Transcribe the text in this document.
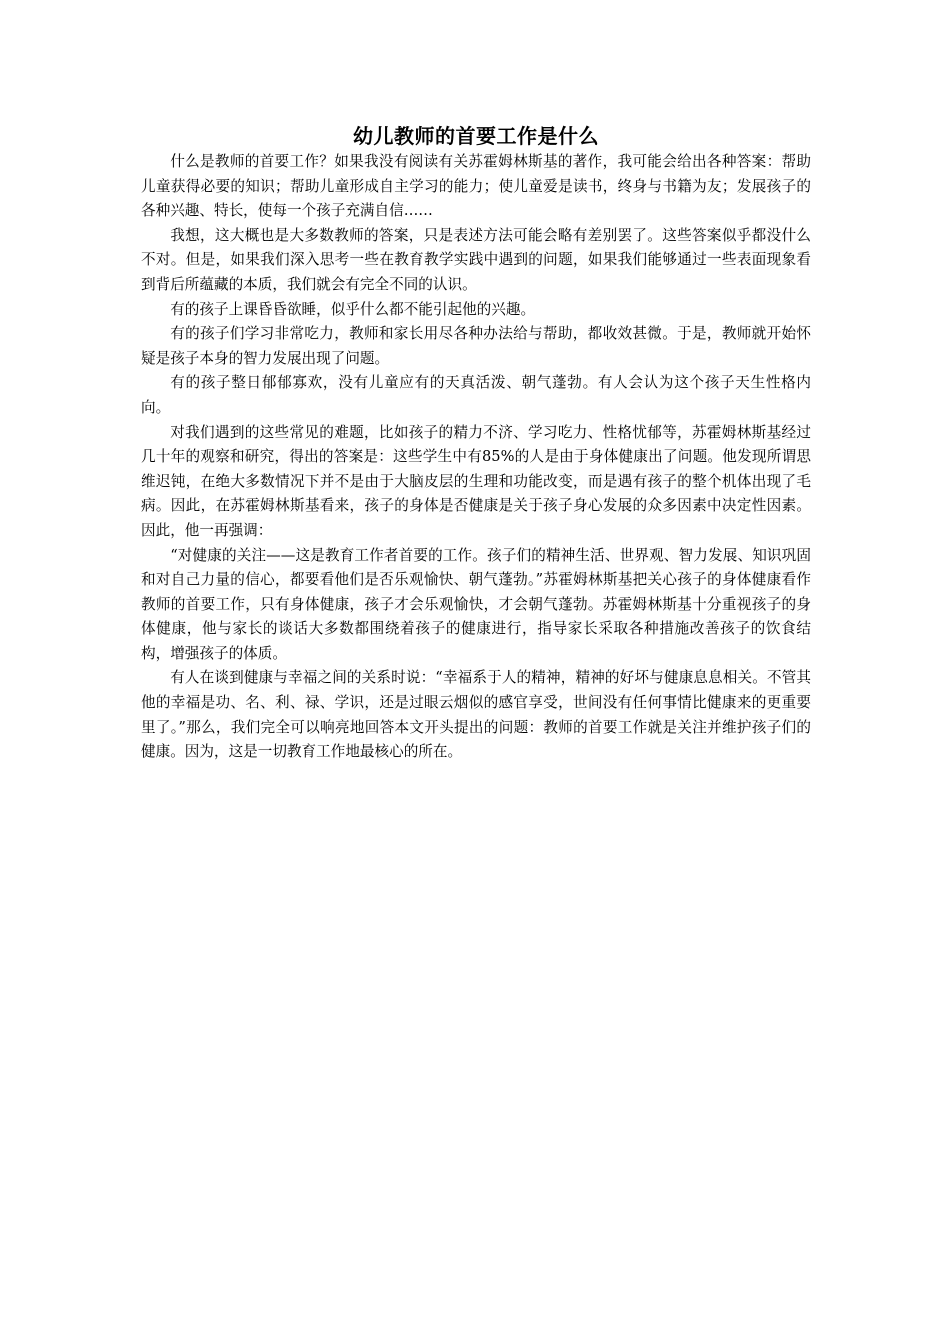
幼儿教师的首要工作是什么

什么是教师的首要工作？如果我没有阅读有关苏霍姆林斯基的著作，我可能会给出各种答案：帮助儿童获得必要的知识；帮助儿童形成自主学习的能力；使儿童爱是读书，终身与书籍为友；发展孩子的各种兴趣、特长，使每一个孩子充满自信……

我想，这大概也是大多数教师的答案，只是表述方法可能会略有差别罢了。这些答案似乎都没什么不对。但是，如果我们深入思考一些在教育教学实践中遇到的问题，如果我们能够通过一些表面现象看到背后所蕴藏的本质，我们就会有完全不同的认识。

有的孩子上课昏昏欲睡，似乎什么都不能引起他的兴趣。

有的孩子们学习非常吃力，教师和家长用尽各种办法给与帮助，都收效甚微。于是，教师就开始怀疑是孩子本身的智力发展出现了问题。

有的孩子整日郁郁寡欢，没有儿童应有的天真活泼、朝气蓬勃。有人会认为这个孩子天生性格内向。

对我们遇到的这些常见的难题，比如孩子的精力不济、学习吃力、性格忧郁等，苏霍姆林斯基经过几十年的观察和研究，得出的答案是：这些学生中有85%的人是由于身体健康出了问题。他发现所谓思维迟钝，在绝大多数情况下并不是由于大脑皮层的生理和功能改变，而是遇有孩子的整个机体出现了毛病。因此，在苏霍姆林斯基看来，孩子的身体是否健康是关于孩子身心发展的众多因素中决定性因素。因此，他一再强调：

“对健康的关注——这是教育工作者首要的工作。孩子们的精神生活、世界观、智力发展、知识巩固和对自己力量的信心，都要看他们是否乐观愉快、朝气蓬勃。”苏霍姆林斯基把关心孩子的身体健康看作教师的首要工作，只有身体健康，孩子才会乐观愉快，才会朝气蓬勃。苏霍姆林斯基十分重视孩子的身体健康，他与家长的谈话大多数都围绕着孩子的健康进行，指导家长采取各种措施改善孩子的饮食结构，增强孩子的体质。

有人在谈到健康与幸福之间的关系时说：“幸福系于人的精神，精神的好坏与健康息息相关。不管其他的幸福是功、名、利、禄、学识，还是过眼云烟似的感官享受，世间没有任何事情比健康来的更重要里了。”那么，我们完全可以响亮地回答本文开头提出的问题：教师的首要工作就是关注并维护孩子们的健康。因为，这是一切教育工作地最核心的所在。
